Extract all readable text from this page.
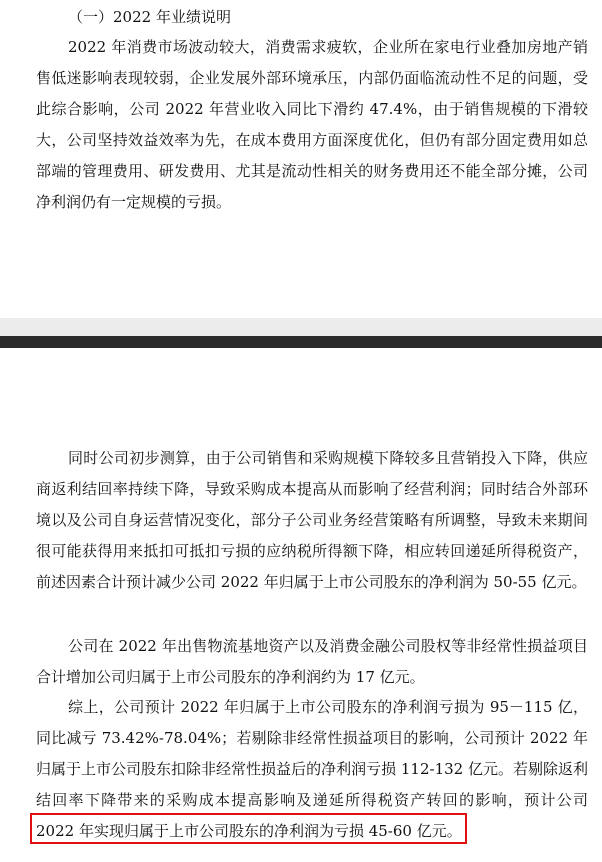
（一）2022 年业绩说明

2022 年消费市场波动较大，消费需求疲软，企业所在家电行业叠加房地产销售低迷影响表现较弱，企业发展外部环境承压，内部仍面临流动性不足的问题，受此综合影响，公司 2022 年营业收入同比下滑约 47.4%，由于销售规模的下滑较大，公司坚持效益效率为先，在成本费用方面深度优化，但仍有部分固定费用如总部端的管理费用、研发费用、尤其是流动性相关的财务费用还不能全部分摊，公司净利润仍有一定规模的亏损。

同时公司初步测算，由于公司销售和采购规模下降较多且营销投入下降，供应商返利结回率持续下降，导致采购成本提高从而影响了经营利润；同时结合外部环境以及公司自身运营情况变化，部分子公司业务经营策略有所调整，导致未来期间很可能获得用来抵扣可抵扣亏损的应纳税所得额下降，相应转回递延所得税资产，前述因素合计预计减少公司 2022 年归属于上市公司股东的净利润为 50-55 亿元。

公司在 2022 年出售物流基地资产以及消费金融公司股权等非经常性损益项目合计增加公司归属于上市公司股东的净利润约为 17 亿元。

综上，公司预计 2022 年归属于上市公司股东的净利润亏损为 95－115 亿，同比减亏 73.42%-78.04%；若剔除非经常性损益项目的影响，公司预计 2022 年归属于上市公司股东扣除非经常性损益后的净利润亏损 112-132 亿元。若剔除返利结回率下降带来的采购成本提高影响及递延所得税资产转回的影响，预计公司 2022 年实现归属于上市公司股东的净利润为亏损 45-60 亿元。
